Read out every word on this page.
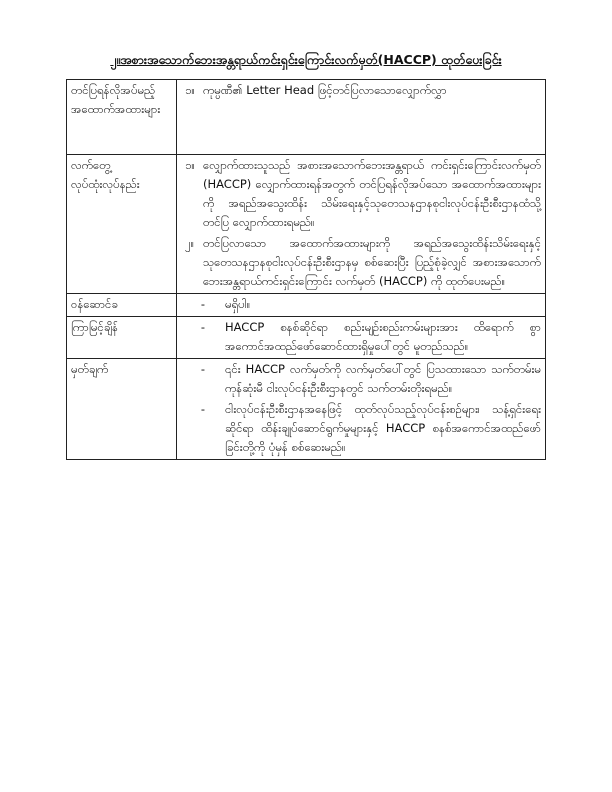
၂။အစားအသောက်ဘေးအန္တရာယ်ကင်းရှင်းကြောင်းလက်မှတ်(HACCP) ထုတ်ပေးခြင်း
တင်ပြရန်လိုအပ်မည့်အထောက်အထားများ	၁။ ကုမ္ပဏီ၏ Letter Head ဖြင့်တင်ပြလာသောလျှောက်လွှာ

လက်တွေ့လုပ်ထုံးလုပ်နည်း	၁။ လျှောက်ထားသူသည် အစားအသောက်ဘေးအန္တရာယ် ကင်းရှင်းကြောင်းလက်မှတ် (HACCP) လျှောက်ထားရန်အတွက် တင်ပြရန်လိုအပ်သော အထောက်အထားများကို အရည်အသွေးထိန်း သိမ်းရေးနှင့်သုတေသနဌာနစုငါးလုပ်ငန်းဦးစီးဌာနထံသို့တင်ပြ လျှောက်ထားရမည်။
၂။ တင်ပြလာသော အထောက်အထားများကို အရည်အသွေးထိန်းသိမ်းရေးနှင့်သုတေသနဌာနစုငါးလုပ်ငန်းဦးစီးဌာနမှ စစ်ဆေးပြီး ပြည့်စုံခဲ့လျှင် အစားအသောက်ဘေးအန္တရာယ်ကင်းရှင်းကြောင်း လက်မှတ် (HACCP) ကို ထုတ်ပေးမည်။

ဝန်ဆောင်ခ	- မရှိပါ။

ကြာမြင့်ချိန်	- HACCP စနစ်ဆိုင်ရာ စည်းမျဉ်းစည်းကမ်းများအား ထိရောက် စွာ အကောင်အထည်ဖော်ဆောင်ထားရှိမှုပေါ်တွင် မူတည်သည်။

မှတ်ချက်	- ၎င်း HACCP လက်မှတ်ကို လက်မှတ်ပေါ်တွင် ပြသထားသော သက်တမ်းမကုန်ဆုံးမီ ငါးလုပ်ငန်းဦးစီးဌာနတွင် သက်တမ်းတိုးရမည်။
- ငါးလုပ်ငန်းဦးစီးဌာနအနေဖြင့် ထုတ်လုပ်သည့်လုပ်ငန်းစဉ်များ၊ သန့်ရှင်းရေးဆိုင်ရာ ထိန်းချုပ်ဆောင်ရွက်မှုများနှင့် HACCP စနစ်အကောင်အထည်ဖော်ခြင်းတို့ကို ပုံမှန် စစ်ဆေးမည်။
